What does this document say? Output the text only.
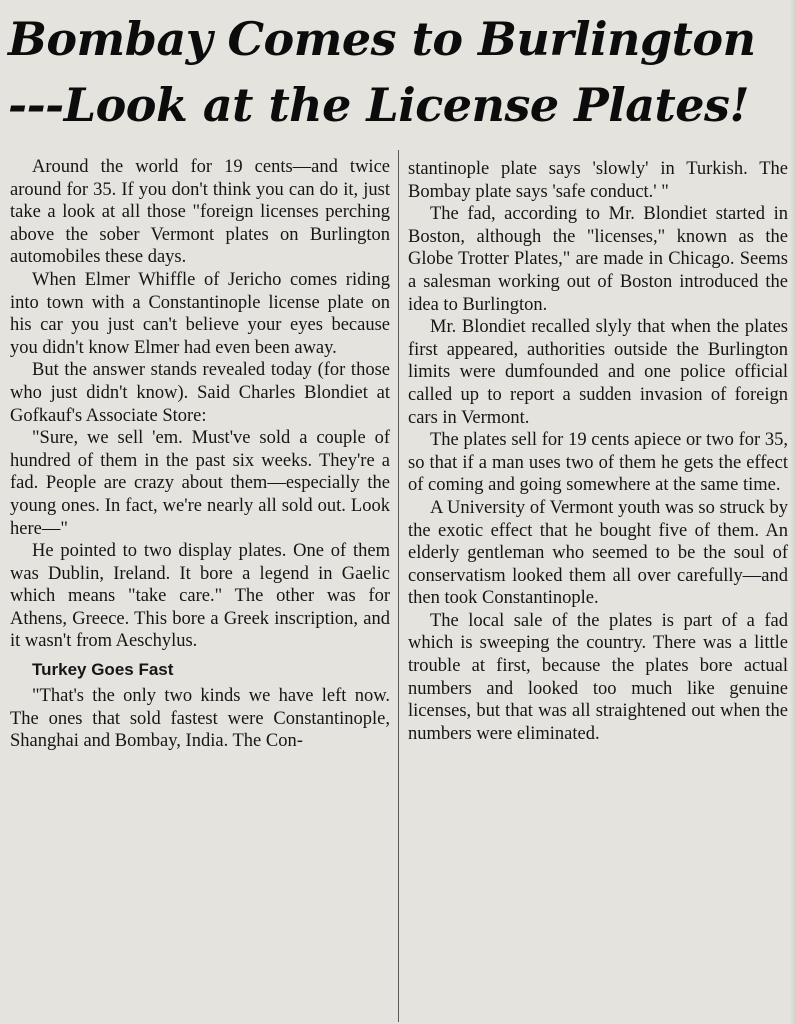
Bombay Comes to Burlington
---Look at the License Plates!

Around the world for 19 cents—and twice around for 35. If you don't think you can do it, just take a look at all those "foreign licenses perching above the sober Vermont plates on Burlington automobiles these days.

When Elmer Whiffle of Jericho comes riding into town with a Constantinople license plate on his car you just can't believe your eyes because you didn't know Elmer had even been away.

But the answer stands revealed today (for those who just didn't know). Said Charles Blondiet at Gofkauf's Associate Store:

"Sure, we sell 'em. Must've sold a couple of hundred of them in the past six weeks. They're a fad. People are crazy about them—especially the young ones. In fact, we're nearly all sold out. Look here—"

He pointed to two display plates. One of them was Dublin, Ireland. It bore a legend in Gaelic which means "take care." The other was for Athens, Greece. This bore a Greek inscription, and it wasn't from Aeschylus.

Turkey Goes Fast

"That's the only two kinds we have left now. The ones that sold fastest were Constantinople, Shanghai and Bombay, India. The Con-

stantinople plate says 'slowly' in Turkish. The Bombay plate says 'safe conduct.' "

The fad, according to Mr. Blondiet started in Boston, although the "licenses," known as the Globe Trotter Plates," are made in Chicago. Seems a salesman working out of Boston introduced the idea to Burlington.

Mr. Blondiet recalled slyly that when the plates first appeared, authorities outside the Burlington limits were dumfounded and one police official called up to report a sudden invasion of foreign cars in Vermont.

The plates sell for 19 cents apiece or two for 35, so that if a man uses two of them he gets the effect of coming and going somewhere at the same time.

A University of Vermont youth was so struck by the exotic effect that he bought five of them. An elderly gentleman who seemed to be the soul of conservatism looked them all over carefully—and then took Constantinople.

The local sale of the plates is part of a fad which is sweeping the country. There was a little trouble at first, because the plates bore actual numbers and looked too much like genuine licenses, but that was all straightened out when the numbers were eliminated.
